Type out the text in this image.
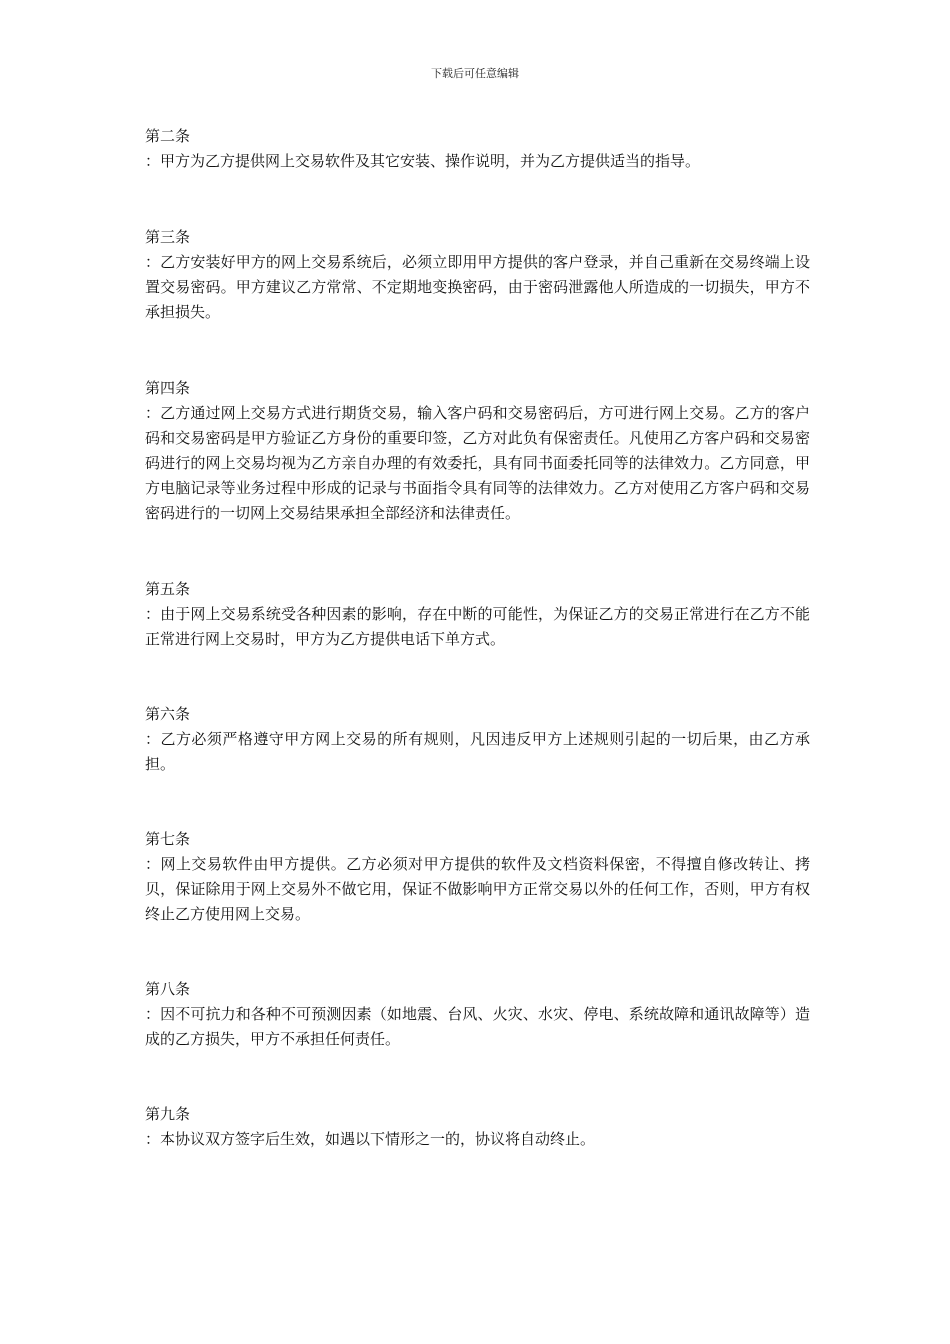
下载后可任意编辑

第二条

：甲方为乙方提供网上交易软件及其它安装、操作说明，并为乙方提供适当的指导。

第三条

：乙方安装好甲方的网上交易系统后，必须立即用甲方提供的客户登录，并自己重新在交易终端上设置交易密码。甲方建议乙方常常、不定期地变换密码，由于密码泄露他人所造成的一切损失，甲方不承担损失。

第四条

：乙方通过网上交易方式进行期货交易，输入客户码和交易密码后，方可进行网上交易。乙方的客户码和交易密码是甲方验证乙方身份的重要印签，乙方对此负有保密责任。凡使用乙方客户码和交易密码进行的网上交易均视为乙方亲自办理的有效委托，具有同书面委托同等的法律效力。乙方同意，甲方电脑记录等业务过程中形成的记录与书面指令具有同等的法律效力。乙方对使用乙方客户码和交易密码进行的一切网上交易结果承担全部经济和法律责任。

第五条

：由于网上交易系统受各种因素的影响，存在中断的可能性，为保证乙方的交易正常进行在乙方不能正常进行网上交易时，甲方为乙方提供电话下单方式。

第六条

：乙方必须严格遵守甲方网上交易的所有规则，凡因违反甲方上述规则引起的一切后果，由乙方承担。

第七条

：网上交易软件由甲方提供。乙方必须对甲方提供的软件及文档资料保密，不得擅自修改转让、拷贝，保证除用于网上交易外不做它用，保证不做影响甲方正常交易以外的任何工作，否则，甲方有权终止乙方使用网上交易。

第八条

：因不可抗力和各种不可预测因素（如地震、台风、火灾、水灾、停电、系统故障和通讯故障等）造成的乙方损失，甲方不承担任何责任。

第九条

：本协议双方签字后生效，如遇以下情形之一的，协议将自动终止。
